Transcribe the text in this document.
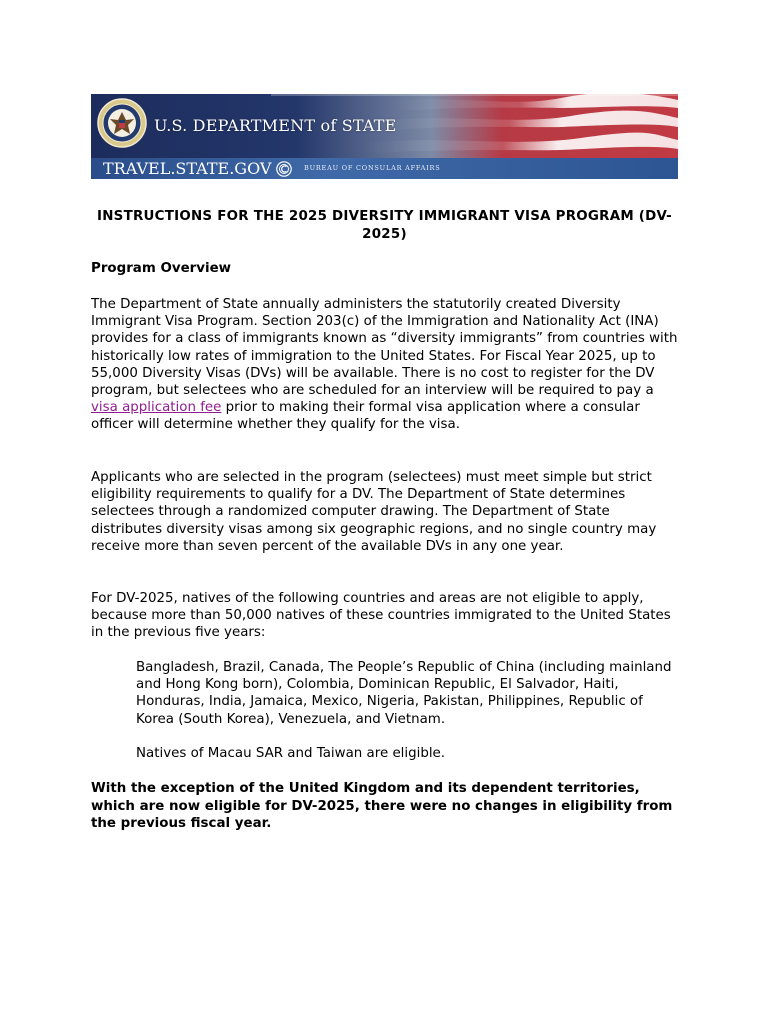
U.S. DEPARTMENT of STATE
TRAVEL.STATE.GOV	BUREAU OF CONSULAR AFFAIRS
INSTRUCTIONS FOR THE 2025 DIVERSITY IMMIGRANT VISA PROGRAM (DV-2025)
Program Overview
The Department of State annually administers the statutorily created Diversity Immigrant Visa Program. Section 203(c) of the Immigration and Nationality Act (INA) provides for a class of immigrants known as “diversity immigrants” from countries with historically low rates of immigration to the United States. For Fiscal Year 2025, up to 55,000 Diversity Visas (DVs) will be available. There is no cost to register for the DV program, but selectees who are scheduled for an interview will be required to pay a visa application fee prior to making their formal visa application where a consular officer will determine whether they qualify for the visa.
Applicants who are selected in the program (selectees) must meet simple but strict eligibility requirements to qualify for a DV. The Department of State determines selectees through a randomized computer drawing. The Department of State distributes diversity visas among six geographic regions, and no single country may receive more than seven percent of the available DVs in any one year.
For DV-2025, natives of the following countries and areas are not eligible to apply, because more than 50,000 natives of these countries immigrated to the United States in the previous five years:
Bangladesh, Brazil, Canada, The People’s Republic of China (including mainland and Hong Kong born), Colombia, Dominican Republic, El Salvador, Haiti, Honduras, India, Jamaica, Mexico, Nigeria, Pakistan, Philippines, Republic of Korea (South Korea), Venezuela, and Vietnam.
Natives of Macau SAR and Taiwan are eligible.
With the exception of the United Kingdom and its dependent territories, which are now eligible for DV-2025, there were no changes in eligibility from the previous fiscal year.
